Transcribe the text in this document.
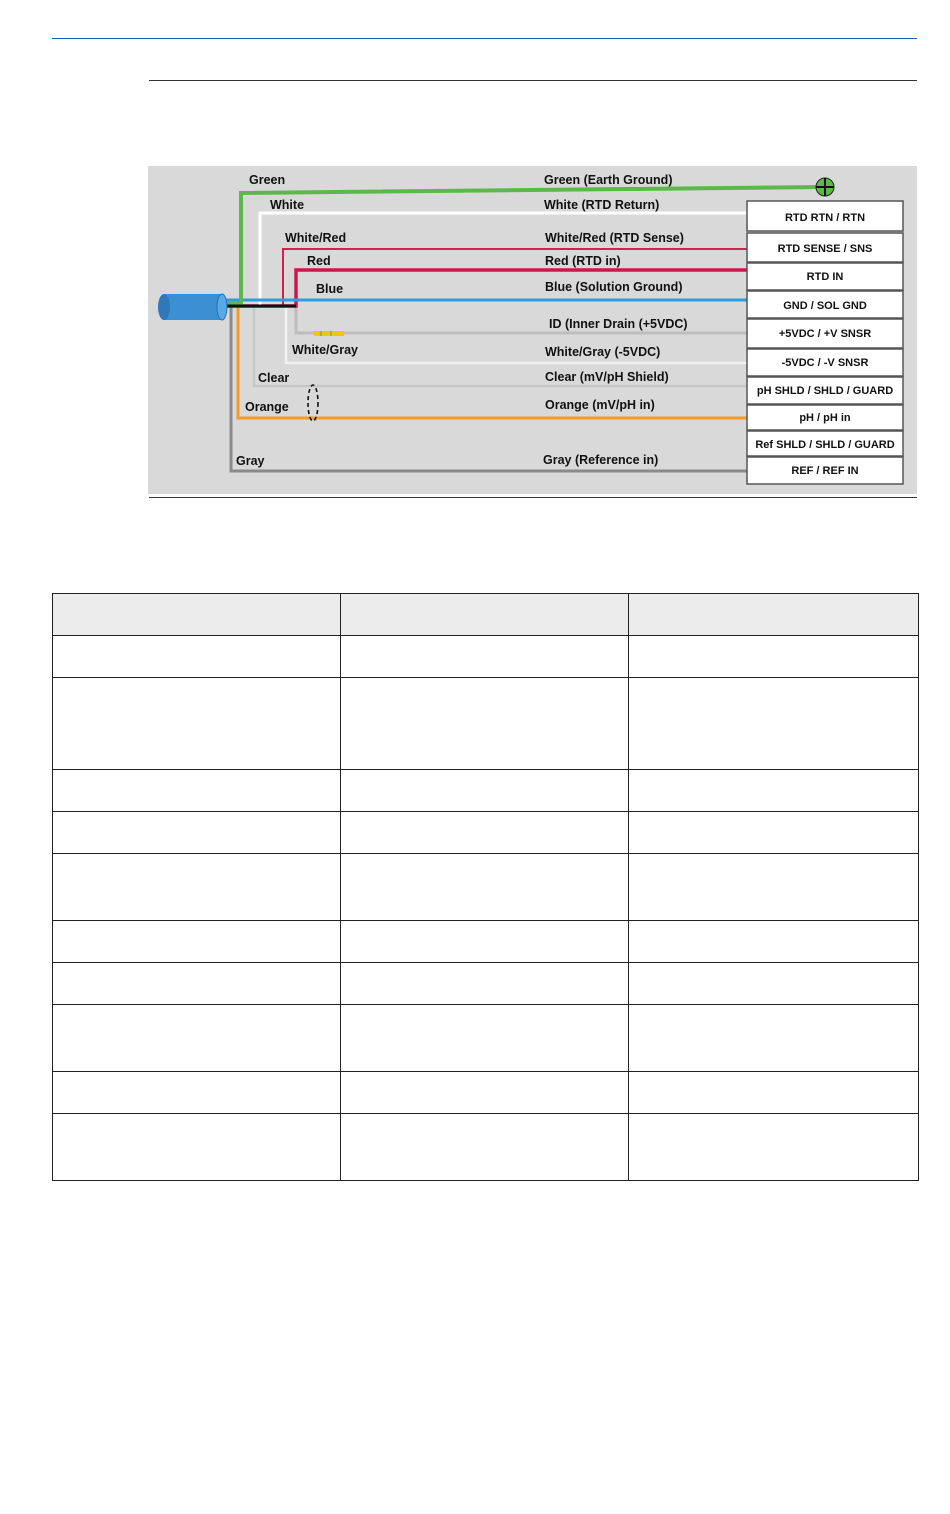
RTD RTN / RTN
RTD SENSE / SNS
RTD IN
GND / SOL GND
+5VDC / +V SNSR
-5VDC / -V SNSR
pH SHLD / SHLD / GUARD
pH / pH in
Ref SHLD / SHLD / GUARD
REF / REF IN
Green
White
White/Red
Red
Blue
White/Gray
Clear
Orange
Gray
Green (Earth Ground)
White (RTD Return)
White/Red (RTD Sense)
Red (RTD in)
Blue (Solution Ground)
ID (Inner Drain (+5VDC)
White/Gray (-5VDC)
Clear (mV/pH Shield)
Orange (mV/pH in)
Gray (Reference in)
